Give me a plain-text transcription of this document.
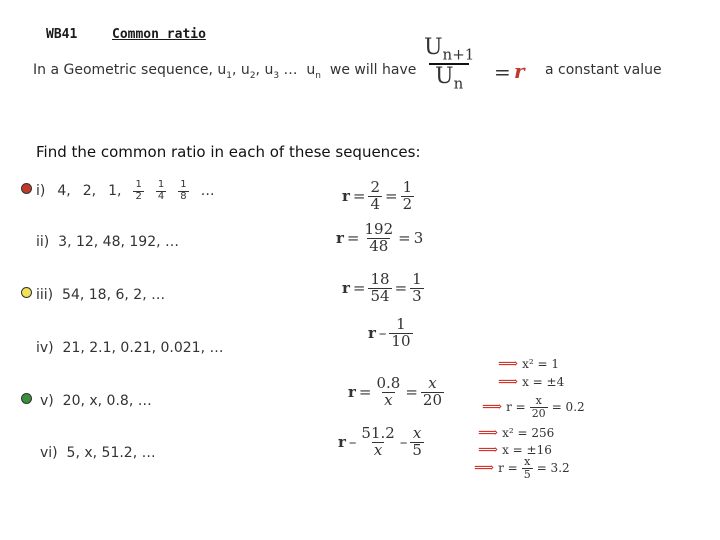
WB41	Common ratio
In a Geometric sequence, $u_1$, $u_2$, $u_3$ …  $u_n$ we will have $\frac{U_{n+1}}{U_n} = r$ a constant value
Find the common ratio in each of these sequences:
i) 4, 2, 1, $\frac{1}{2} \frac{1}{4} \frac{1}{8}$ …
ii) 3, 12, 48, 192, …
iii) 54, 18, 6, 2, …
iv) 21, 2.1, 0.21, 0.021, …
v) 20, x, 0.8, …
vi) 5, x, 51.2, …
$r = \frac{2}{4} = \frac{1}{2}$
$r = \frac{192}{48} = 3$
$r = \frac{18}{54} = \frac{1}{3}$
r – $\frac{1}{10}$
$r = \frac{0.8}{x} = \frac{x}{20}$
r – $\frac{51.2}{x} - \frac{x}{5}$
⟹ x² = 1
⟹ x = ±4
⟹ $r = \frac{x}{20} = 0.2$
⟹ x² = 256
⟹ x = ±16
⟹ $r = \frac{x}{5} = 3.2$
